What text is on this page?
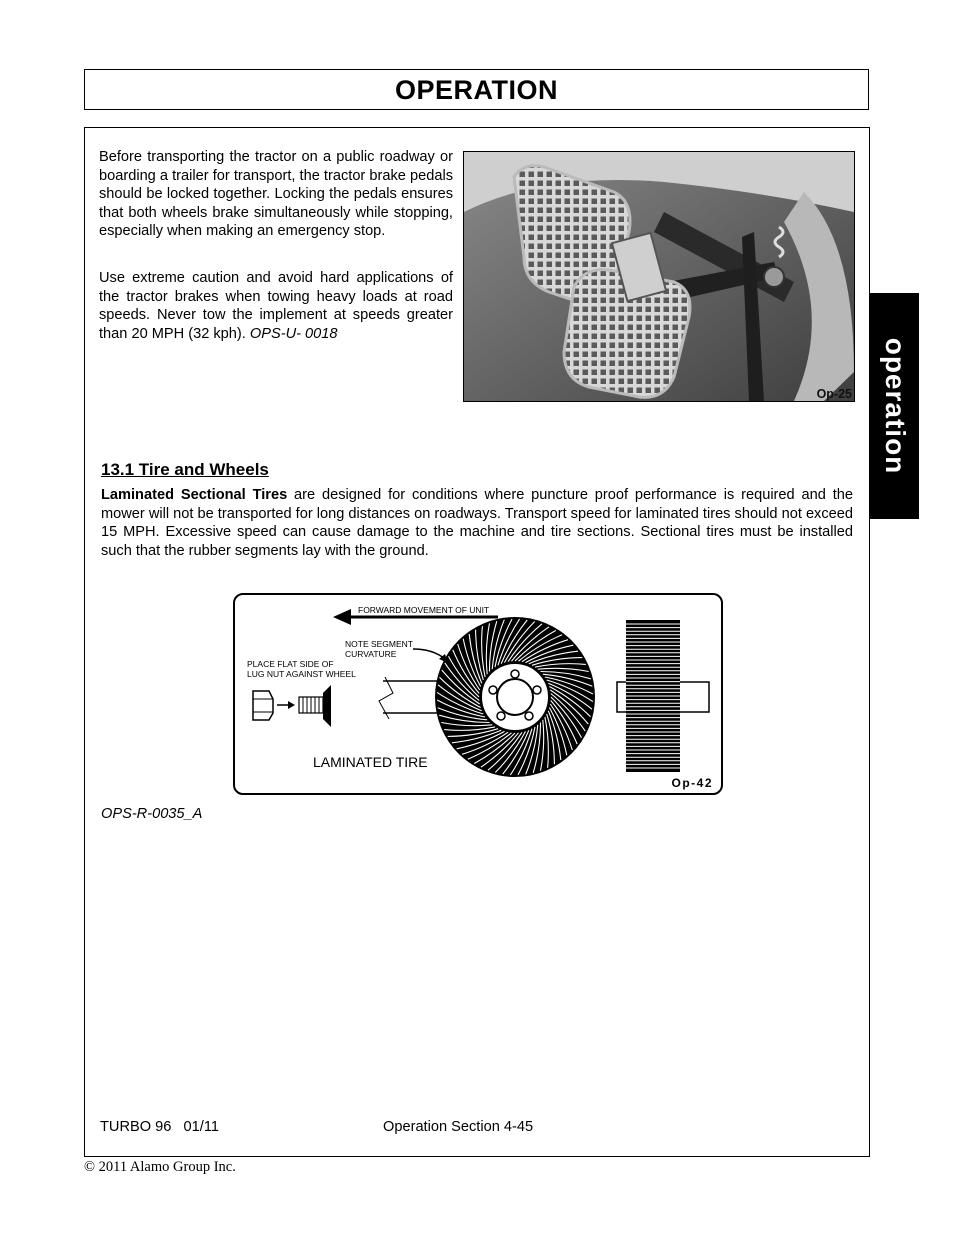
OPERATION
operation
Before transporting the tractor on a public roadway or boarding a trailer for transport, the tractor brake pedals should be locked together. Locking the pedals ensures that both wheels brake simultaneously while stopping, especially when making an emergency stop.
Use extreme caution and avoid hard applications of the tractor brakes when towing heavy loads at road speeds. Never tow the implement at speeds greater than 20 MPH (32 kph). OPS-U- 0018
Op-25
13.1 Tire and Wheels
Laminated Sectional Tires are designed for conditions where puncture proof performance is required and the mower will not be transported for long distances on roadways. Transport speed for laminated tires should not exceed 15 MPH. Excessive speed can cause damage to the machine and tire sections. Sectional tires must be installed such that the rubber segments lay with the ground.
FORWARD MOVEMENT OF UNIT
NOTE SEGMENT
CURVATURE
PLACE FLAT SIDE OF
LUG NUT AGAINST WHEEL
LAMINATED TIRE
Op-42
OPS-R-0035_A
TURBO 96   01/11	Operation Section 4-45
© 2011 Alamo Group Inc.
